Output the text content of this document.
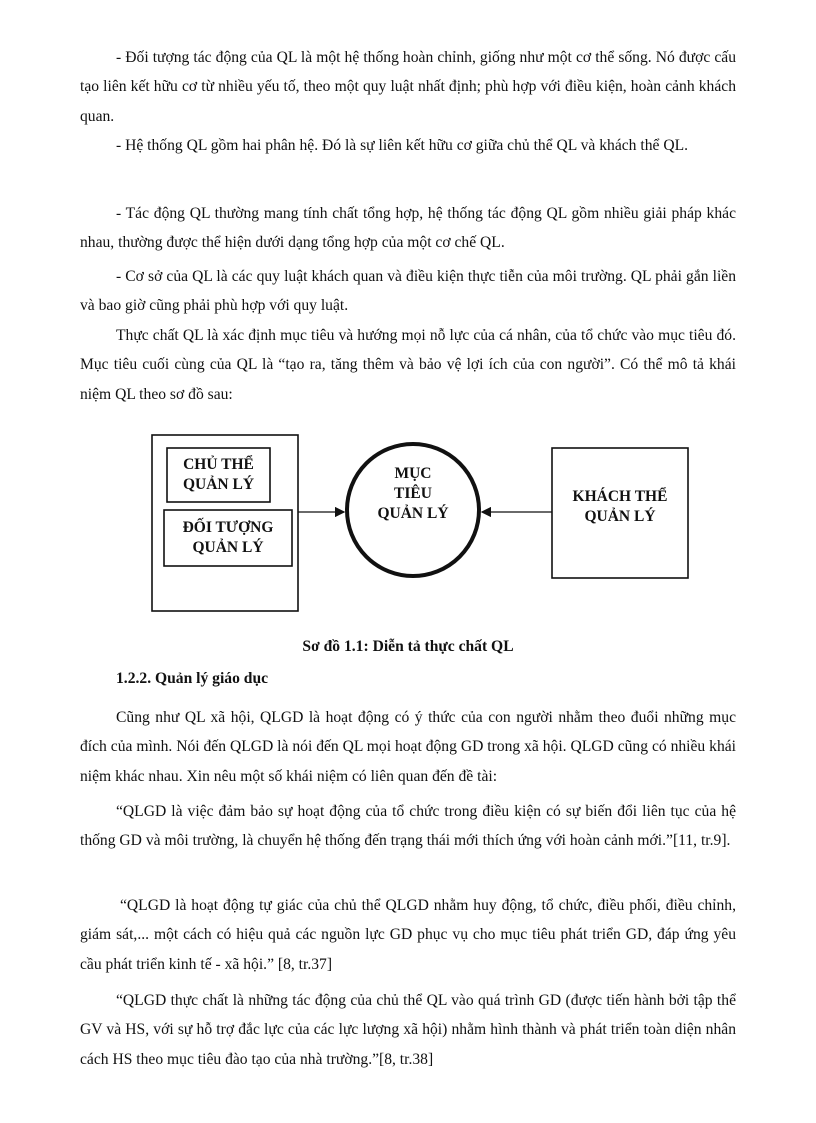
- Đối tượng tác động của QL là một hệ thống hoàn chỉnh, giống như một cơ thể sống. Nó được cấu tạo liên kết hữu cơ từ nhiều yếu tố, theo một quy luật nhất định; phù hợp với điều kiện, hoàn cảnh khách quan.

- Hệ thống QL gồm hai phân hệ. Đó là sự liên kết hữu cơ giữa chủ thể QL và khách thể QL.

- Tác động QL thường mang tính chất tổng hợp, hệ thống tác động QL gồm nhiều giải pháp khác nhau, thường được thể hiện dưới dạng tổng hợp của một cơ chế QL.

- Cơ sở của QL là các quy luật khách quan và điều kiện thực tiễn của môi trường. QL phải gắn liền và bao giờ cũng phải phù hợp với quy luật.

Thực chất QL là xác định mục tiêu và hướng mọi nỗ lực của cá nhân, của tổ chức vào mục tiêu đó. Mục tiêu cuối cùng của QL là “tạo ra, tăng thêm và bảo vệ lợi ích của con người”. Có thể mô tả khái niệm QL theo sơ đồ sau:

CHỦ THỂ
QUẢN LÝ
ĐỐI TƯỢNG
QUẢN LÝ
MỤC
TIÊU
QUẢN LÝ
KHÁCH THỂ
QUẢN LÝ
Sơ đồ 1.1: Diễn tả thực chất QL
1.2.2. Quản lý giáo dục

Cũng như QL xã hội, QLGD là hoạt động có ý thức của con người nhằm theo đuổi những mục đích của mình. Nói đến QLGD là nói đến QL mọi hoạt động GD trong xã hội. QLGD cũng có nhiều khái niệm khác nhau. Xin nêu một số khái niệm có liên quan đến đề tài:

“QLGD là việc đảm bảo sự hoạt động của tổ chức trong điều kiện có sự biến đổi liên tục của hệ thống GD và môi trường, là chuyển hệ thống đến trạng thái mới thích ứng với hoàn cảnh mới.”[11, tr.9].

“QLGD là hoạt động tự giác của chủ thể QLGD nhằm huy động, tổ chức, điều phối, điều chỉnh, giám sát,... một cách có hiệu quả các nguồn lực GD phục vụ cho mục tiêu phát triển GD, đáp ứng yêu cầu phát triển kinh tế - xã hội.” [8, tr.37]

“QLGD thực chất là những tác động của chủ thể QL vào quá trình GD (được tiến hành bởi tập thể GV và HS, với sự hỗ trợ đắc lực của các lực lượng xã hội) nhằm hình thành và phát triển toàn diện nhân cách HS theo mục tiêu đào tạo của nhà trường.”[8, tr.38]
